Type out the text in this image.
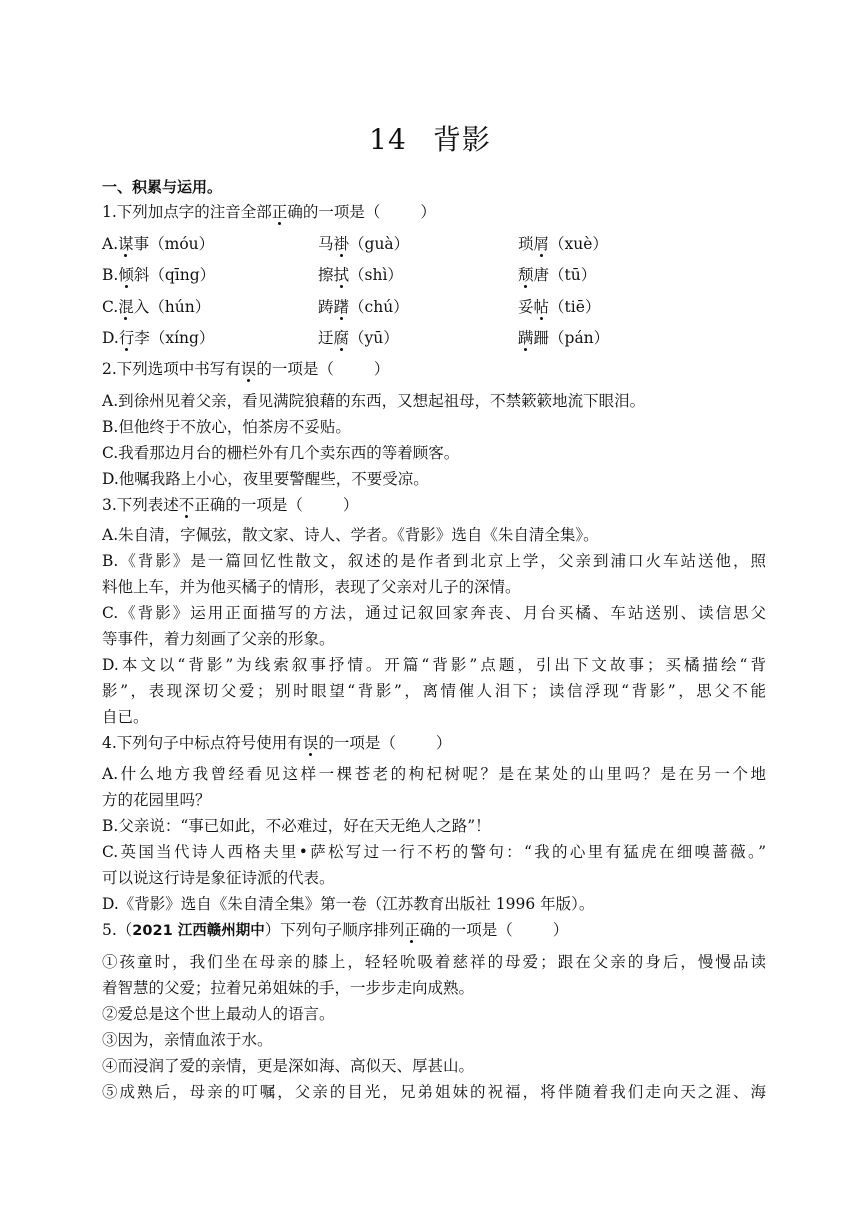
14 背影
一、积累与运用。
1.下列加点字的注音全部正确的一项是（	）
A.谋事（móu）	马褂（guà）	琐屑（xuè）
B.倾斜（qīng）	擦拭（shì）	颓唐（tū）
C.混入（hún）	踌躇（chú）	妥帖（tiē）
D.行李（xíng）	迂腐（yū）	蹒跚（pán）
2.下列选项中书写有误的一项是（	）
A.到徐州见着父亲，看见满院狼藉的东西，又想起祖母，不禁簌簌地流下眼泪。
B.但他终于不放心，怕茶房不妥贴。
C.我看那边月台的栅栏外有几个卖东西的等着顾客。
D.他嘱我路上小心，夜里要警醒些，不要受凉。
3.下列表述不正确的一项是（	）
A.朱自清，字佩弦，散文家、诗人、学者。《背影》选自《朱自清全集》。
B.《背影》是一篇回忆性散文，叙述的是作者到北京上学，父亲到浦口火车站送他，照
料他上车，并为他买橘子的情形，表现了父亲对儿子的深情。
C.《背影》运用正面描写的方法，通过记叙回家奔丧、月台买橘、车站送别、读信思父
等事件，着力刻画了父亲的形象。
D.本文以“背影”为线索叙事抒情。开篇“背影”点题，引出下文故事；买橘描绘“背
影”，表现深切父爱；别时眼望“背影”，离情催人泪下；读信浮现“背影”，思父不能
自已。
4.下列句子中标点符号使用有误的一项是（	）
A.什么地方我曾经看见这样一棵苍老的枸杞树呢？是在某处的山里吗？是在另一个地
方的花园里吗？
B.父亲说：“事已如此，不必难过，好在天无绝人之路”！
C.英国当代诗人西格夫里•萨松写过一行不朽的警句：“我的心里有猛虎在细嗅蔷薇。”
可以说这行诗是象征诗派的代表。
D.《背影》选自《朱自清全集》第一卷（江苏教育出版社 1996 年版）。
5.（2021 江西赣州期中）下列句子顺序排列正确的一项是（	）
①孩童时，我们坐在母亲的膝上，轻轻吮吸着慈祥的母爱；跟在父亲的身后，慢慢品读
着智慧的父爱；拉着兄弟姐妹的手，一步步走向成熟。
②爱总是这个世上最动人的语言。
③因为，亲情血浓于水。
④而浸润了爱的亲情，更是深如海、高似天、厚甚山。
⑤成熟后，母亲的叮嘱，父亲的目光，兄弟姐妹的祝福，将伴随着我们走向天之涯、海
